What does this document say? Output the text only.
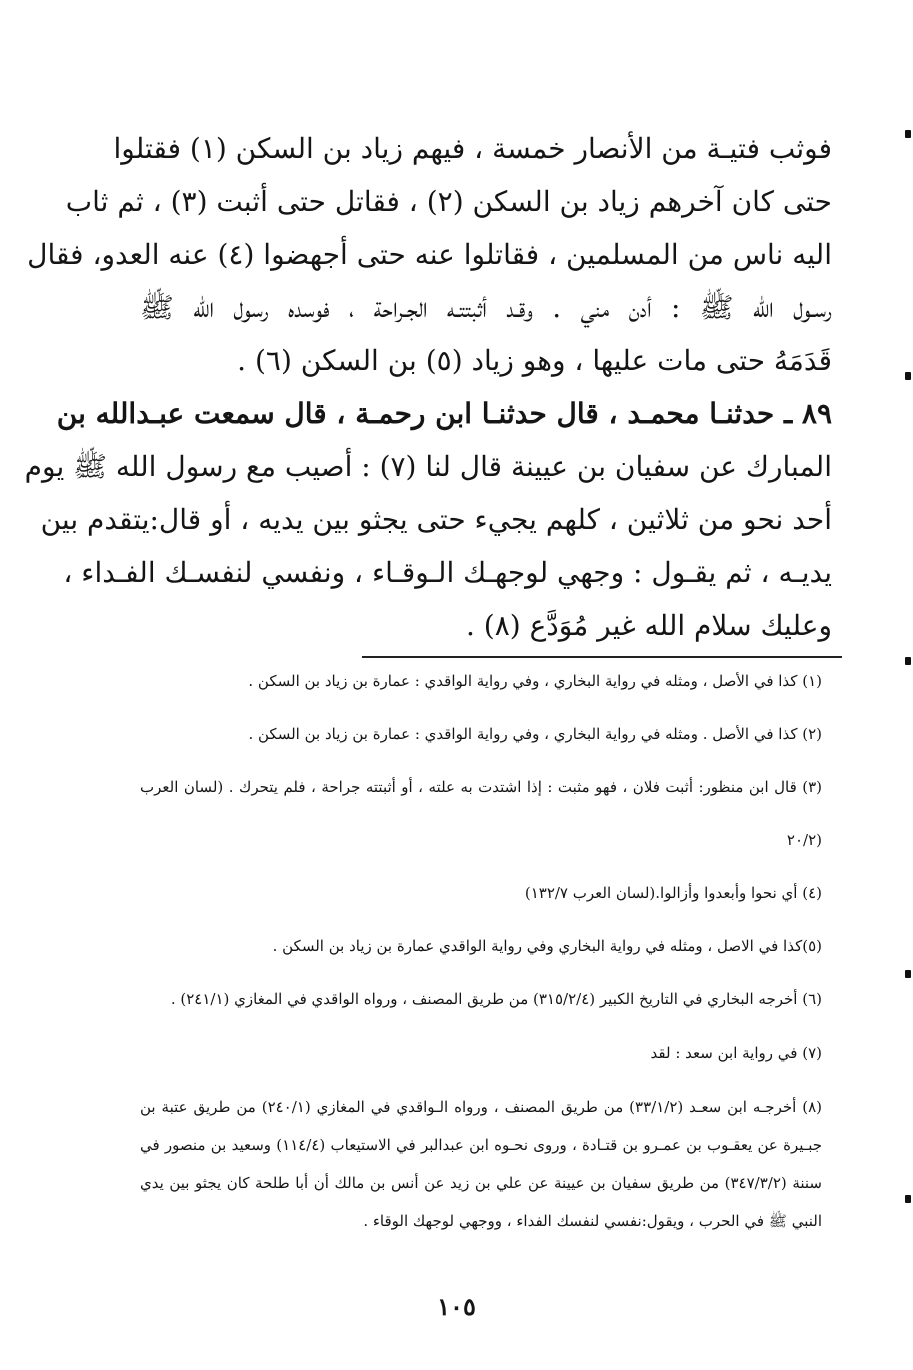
فوثب فتيـة من الأنصار خمسة ، فيهم زياد بن السكن (١) فقتلوا
حتى كان آخرهم زياد بن السكن (٢) ، فقاتل حتى أثبت (٣) ، ثم ثاب
اليه ناس من المسلمين ، فقاتلوا عنه حتى أجهضوا (٤) عنه العدو، فقال
رسـول الله ﷺ : أدن مني . وقـد أثبتتـه الجـراحة ، فوسده رسول الله ﷺ
قَدَمَهُ حتى مات عليها ، وهو زياد (٥) بن السكن (٦) .
٨٩ ـ حدثنـا محمـد ، قال حدثنـا ابن رحمـة ، قال سمعت عبـدالله بن
المبارك عن سفيان بن عيينة قال لنا (٧) : أصيب مع رسول الله ﷺ يوم
أحد نحو من ثلاثين ، كلهم يجيء حتى يجثو بين يديه ، أو قال:يتقدم بين
يديـه ، ثم يقـول : وجهي لوجهـك الـوقـاء ، ونفسي لنفسـك الفـداء ،
وعليك سلام الله غير مُوَدَّع (٨) .
(١) كذا في الأصل ، ومثله في رواية البخاري ، وفي رواية الواقدي : عمارة بن زياد بن السكن .
(٢) كذا في الأصل . ومثله في رواية البخاري ، وفي رواية الواقدي : عمارة بن زياد بن السكن .
(٣) قال ابن منظور: أثبت فلان ، فهو مثبت : إذا اشتدت به علته ، أو أثبتته جراحة ، فلم يتحرك . (لسان العرب
(٢٠/٢
(٤) أي نحوا وأبعدوا وأزالوا.(لسان العرب ١٣٢/٧)
(٥)كذا في الاصل ، ومثله في رواية البخاري وفي رواية الواقدي عمارة بن زياد بن السكن .
(٦) أخرجه البخاري في التاريخ الكبير (٣١٥/٢/٤) من طريق المصنف ، ورواه الواقدي في المغازي (٢٤١/١) .
(٧) في رواية ابن سعد : لقد
(٨) أخرجـه ابن سعـد (٣٣/١/٢) من طريق المصنف ، ورواه الـواقدي في المغازي (٢٤٠/١) من طريق عتبة بن
جبـيرة عن يعقـوب بن عمـرو بن قتـادة ، وروى نحـوه ابن عبدالبر في الاستيعاب (١١٤/٤) وسعيد بن منصور في
سننة (٣٤٧/٣/٢) من طريق سفيان بن عيينة عن علي بن زيد عن أنس بن مالك أن أبا طلحة كان يجثو بين يدي
النبي ﷺ في الحرب ، ويقول:نفسي لنفسك الفداء ، ووجهي لوجهك الوقاء .
١٠٥
